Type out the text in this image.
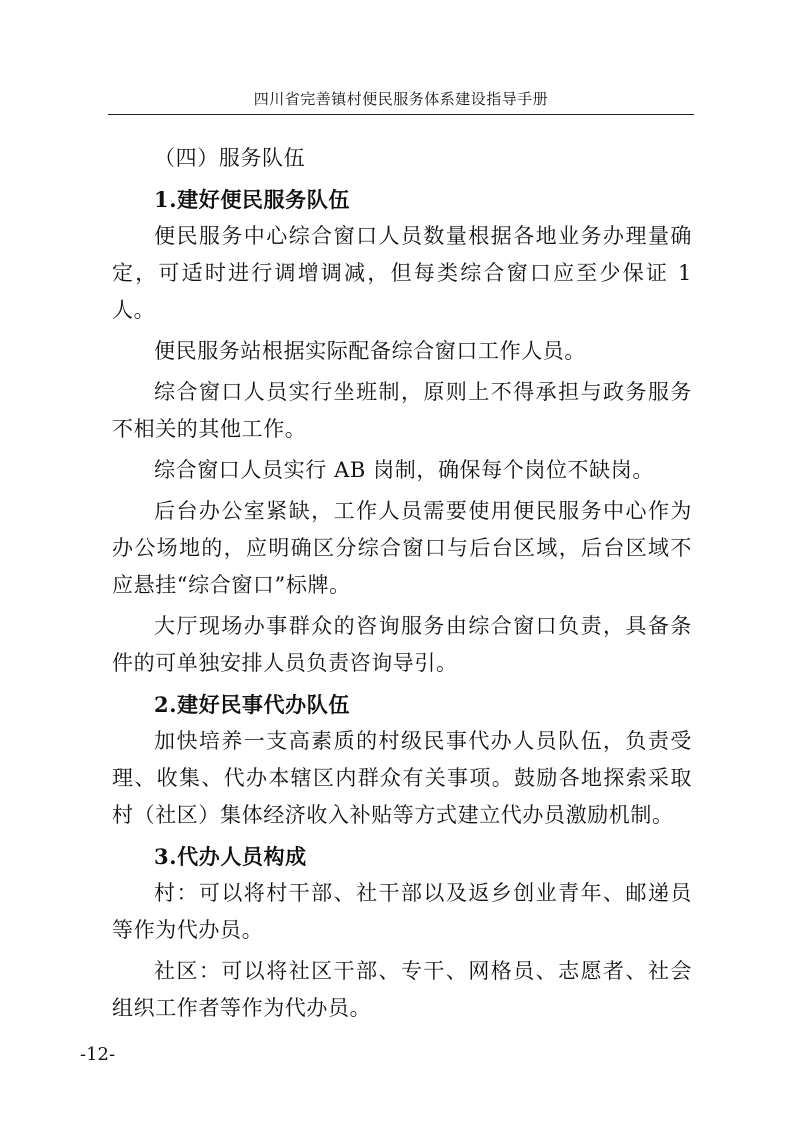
四川省完善镇村便民服务体系建设指导手册
（四）服务队伍
1.建好便民服务队伍

便民服务中心综合窗口人员数量根据各地业务办理量确定，可适时进行调增调减，但每类综合窗口应至少保证 1 人。

便民服务站根据实际配备综合窗口工作人员。

综合窗口人员实行坐班制，原则上不得承担与政务服务不相关的其他工作。

综合窗口人员实行 AB 岗制，确保每个岗位不缺岗。

后台办公室紧缺，工作人员需要使用便民服务中心作为办公场地的，应明确区分综合窗口与后台区域，后台区域不应悬挂“综合窗口”标牌。

大厅现场办事群众的咨询服务由综合窗口负责，具备条件的可单独安排人员负责咨询导引。

2.建好民事代办队伍

加快培养一支高素质的村级民事代办人员队伍，负责受理、收集、代办本辖区内群众有关事项。鼓励各地探索采取村（社区）集体经济收入补贴等方式建立代办员激励机制。

3.代办人员构成

村：可以将村干部、社干部以及返乡创业青年、邮递员等作为代办员。

社区：可以将社区干部、专干、网格员、志愿者、社会组织工作者等作为代办员。

-12-
